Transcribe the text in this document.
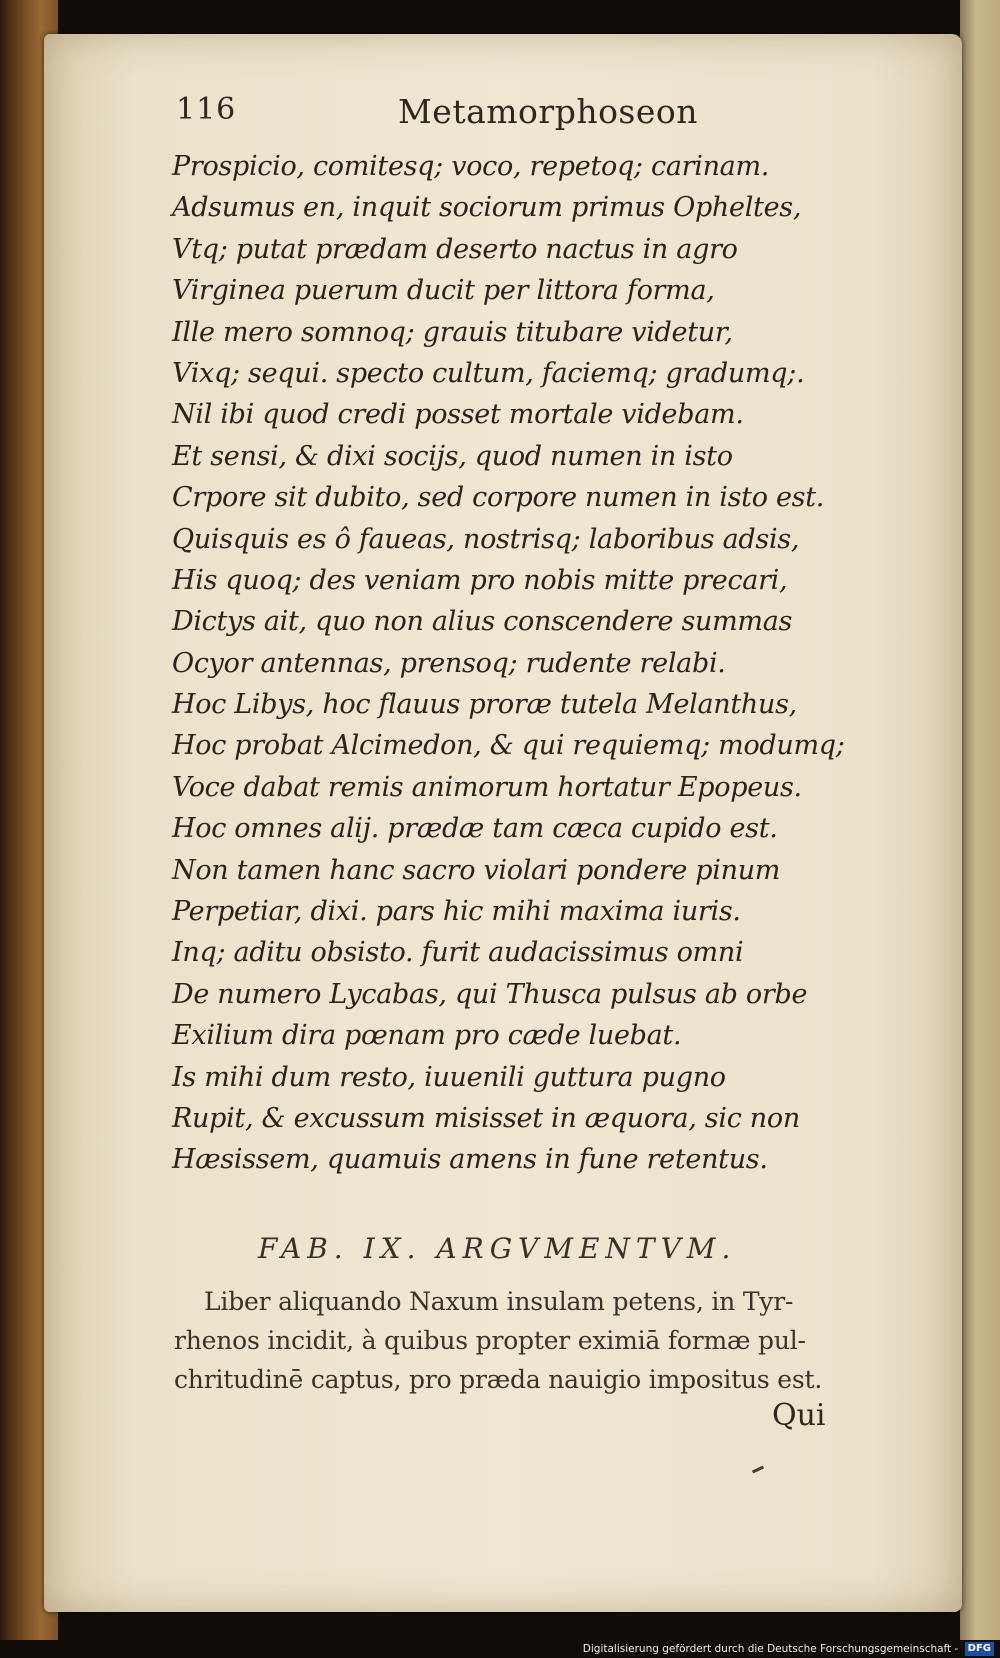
116	Metamorphoseon
Prospicio, comitesq; voco, repetoq; carinam.
Adsumus en, inquit sociorum primus Opheltes,
Vtq; putat prædam deserto nactus in agro
Virginea puerum ducit per littora forma,
Ille mero somnoq; grauis titubare videtur,
Vixq; sequi. specto cultum, faciemq; gradumq;.
Nil ibi quod credi posset mortale videbam.
Et sensi, & dixi socijs, quod numen in isto
Crpore sit dubito, sed corpore numen in isto est.
Quisquis es ô faueas, nostrisq; laboribus adsis,
His quoq; des veniam pro nobis mitte precari,
Dictys ait, quo non alius conscendere summas
Ocyor antennas, prensoq; rudente relabi.
Hoc Libys, hoc flauus proræ tutela Melanthus,
Hoc probat Alcimedon, & qui requiemq; modumq;
Voce dabat remis animorum hortatur Epopeus.
Hoc omnes alij. prædæ tam cæca cupido est.
Non tamen hanc sacro violari pondere pinum
Perpetiar, dixi. pars hic mihi maxima iuris.
Inq; aditu obsisto. furit audacissimus omni
De numero Lycabas, qui Thusca pulsus ab orbe
Exilium dira pœnam pro cæde luebat.
Is mihi dum resto, iuuenili guttura pugno
Rupit, & excussum misisset in æquora, sic non
Hæsissem, quamuis amens in fune retentus.
FAB. IX. ARGVMENTVM.
Liber aliquando Naxum insulam petens, in Tyr-
rhenos incidit, à quibus propter eximiā formæ pul-
chritudinē captus, pro præda nauigio impositus est.
Qui
Digitalisierung gefördert durch die Deutsche Forschungsgemeinschaft - DFG
